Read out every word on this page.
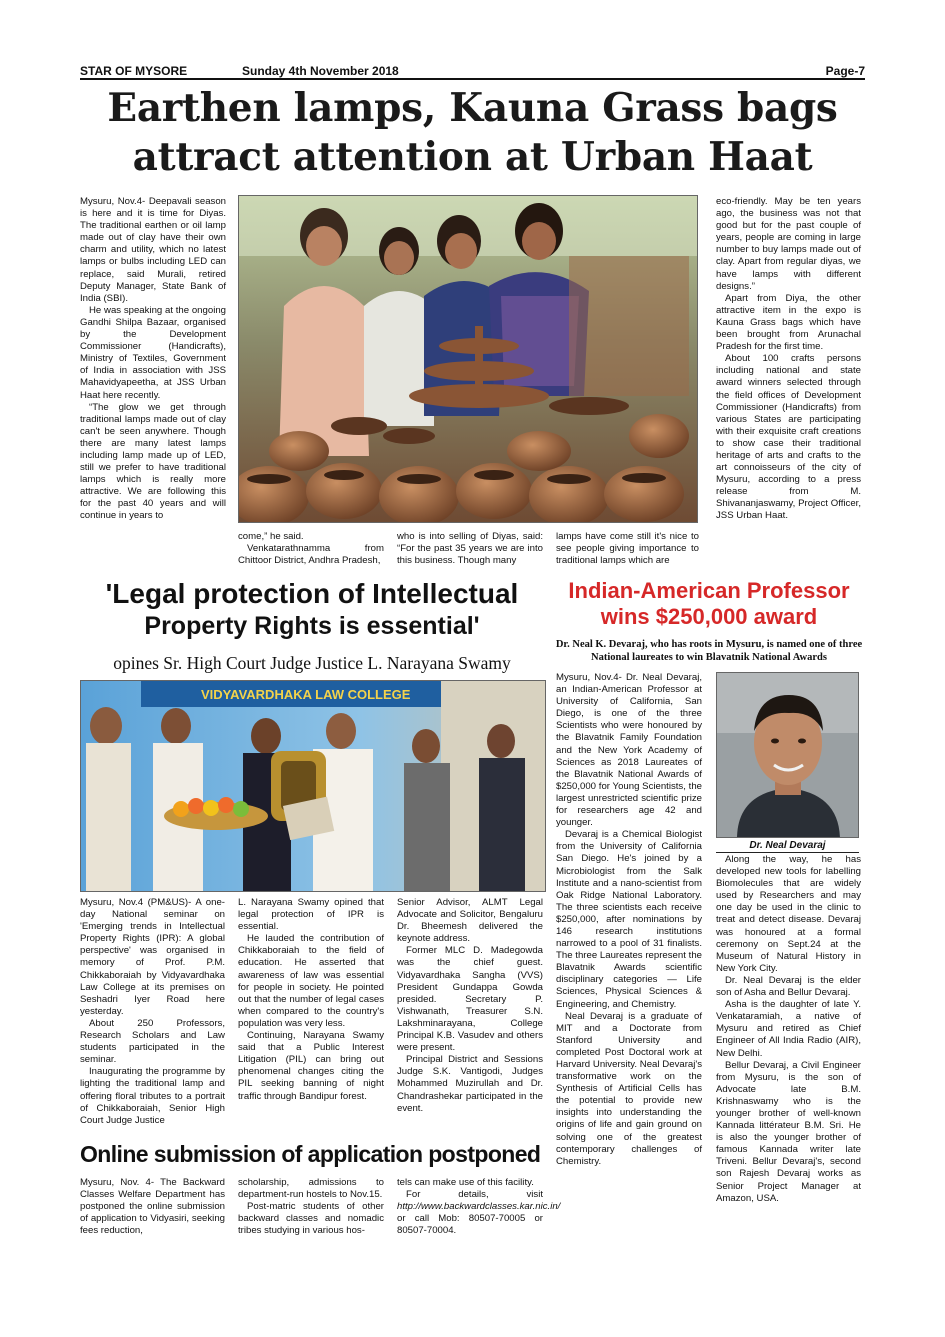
STAR OF MYSORE	Sunday 4th November 2018	Page-7
Earthen lamps, Kauna Grass bags
attract attention at Urban Haat

Mysuru, Nov.4- Deepavali season is here and it is time for Diyas. The traditional earthen or oil lamp made out of clay have their own charm and utility, which no latest lamps or bulbs including LED can replace, said Murali, retired Deputy Manager, State Bank of India (SBI).

He was speaking at the ongoing Gandhi Shilpa Bazaar, organised by the Development Commissioner (Handicrafts), Ministry of Textiles, Government of India in association with JSS Mahavidyapeetha, at JSS Urban Haat here recently.

“The glow we get through traditional lamps made out of clay can't be seen anywhere. Though there are many latest lamps including lamp made up of LED, still we prefer to have traditional lamps which is really more attractive. We are following this for the past 40 years and will continue in years to

come,” he said.

Venkatarathnamma from Chittoor District, Andhra Pradesh,

who is into selling of Diyas, said: “For the past 35 years we are into this business. Though many

lamps have come still it's nice to see people giving importance to traditional lamps which are

eco-friendly. May be ten years ago, the business was not that good but for the past couple of years, people are coming in large number to buy lamps made out of clay. Apart from regular diyas, we have lamps with different designs.”

Apart from Diya, the other attractive item in the expo is Kauna Grass bags which have been brought from Arunachal Pradesh for the first time.

About 100 crafts persons including national and state award winners selected through the field offices of Development Commissioner (Handicrafts) from various States are participating with their exquisite craft creations to show case their traditional heritage of arts and crafts to the art connoisseurs of the city of Mysuru, according to a press release from M. Shivananjaswamy, Project Officer, JSS Urban Haat.

'Legal protection of Intellectual
Property Rights is essential'
opines Sr. High Court Judge Justice L. Narayana Swamy
VIDYAVARDHAKA LAW COLLEGE

Mysuru, Nov.4 (PM&US)- A one-day National seminar on 'Emerging trends in Intellectual Property Rights (IPR): A global perspective' was organised in memory of Prof. P.M. Chikkaboraiah by Vidyavardhaka Law College at its premises on Seshadri Iyer Road here yesterday.

About 250 Professors, Research Scholars and Law students participated in the seminar.

Inaugurating the programme by lighting the traditional lamp and offering floral tributes to a portrait of Chikkaboraiah, Senior High Court Judge Justice

L. Narayana Swamy opined that legal protection of IPR is essential.

He lauded the contribution of Chikkaboraiah to the field of education. He asserted that awareness of law was essential for people in society. He pointed out that the number of legal cases when compared to the country's population was very less.

Continuing, Narayana Swamy said that a Public Interest Litigation (PIL) can bring out phenomenal changes citing the PIL seeking banning of night traffic through Bandipur forest.

Senior Advisor, ALMT Legal Advocate and Solicitor, Bengaluru Dr. Bheemesh delivered the keynote address.

Former MLC D. Madegowda was the chief guest. Vidyavardhaka Sangha (VVS) President Gundappa Gowda presided. Secretary P. Vishwanath, Treasurer S.N. Lakshminarayana, College Principal K.B. Vasudev and others were present.

Principal District and Sessions Judge S.K. Vantigodi, Judges Mohammed Muzirullah and Dr. Chandrashekar participated in the event.

Online submission of application postponed

Mysuru, Nov. 4- The Backward Classes Welfare Department has postponed the online submission of application to Vidyasiri, seeking fees reduction,

scholarship, admissions to department-run hostels to Nov.15.

Post-matric students of other backward classes and nomadic tribes studying in various hos-

tels can make use of this facility.

For details, visit http://www.backwardclasses.kar.nic.in/

or call Mob: 80507-70005 or 80507-70004.

Indian-American Professor
wins $250,000 award
Dr. Neal K. Devaraj, who has roots in Mysuru, is named one of three National laureates to win Blavatnik National Awards

Mysuru, Nov.4- Dr. Neal Devaraj, an Indian-American Professor at University of California, San Diego, is one of the three Scientists who were honoured by the Blavatnik Family Foundation and the New York Academy of Sciences as 2018 Laureates of the Blavatnik National Awards of $250,000 for Young Scientists, the largest unrestricted scientific prize for researchers age 42 and younger.

Devaraj is a Chemical Biologist from the University of California San Diego. He's joined by a Microbiologist from the Salk Institute and a nano-scientist from Oak Ridge National Laboratory. The three scientists each receive $250,000, after nominations by 146 research institutions narrowed to a pool of 31 finalists. The three Laureates represent the Blavatnik Awards scientific disciplinary categories — Life Sciences, Physical Sciences & Engineering, and Chemistry.

Neal Devaraj is a graduate of MIT and a Doctorate from Stanford University and completed Post Doctoral work at Harvard University. Neal Devaraj's transformative work on the Synthesis of Artificial Cells has the potential to provide new insights into understanding the origins of life and gain ground on solving one of the greatest contemporary challenges of Chemistry.

Dr. Neal Devaraj

Along the way, he has developed new tools for labelling Biomolecules that are widely used by Researchers and may one day be used in the clinic to treat and detect disease. Devaraj was honoured at a formal ceremony on Sept.24 at the Museum of Natural History in New York City.

Dr. Neal Devaraj is the elder son of Asha and Bellur Devaraj.

Asha is the daughter of late Y. Venkataramiah, a native of Mysuru and retired as Chief Engineer of All India Radio (AIR), New Delhi.

Bellur Devaraj, a Civil Engineer from Mysuru, is the son of Advocate late B.M. Krishnaswamy who is the younger brother of well-known Kannada littérateur B.M. Sri. He is also the younger brother of famous Kannada writer late Triveni. Bellur Devaraj's, second son Rajesh Devaraj works as Senior Project Manager at Amazon, USA.
